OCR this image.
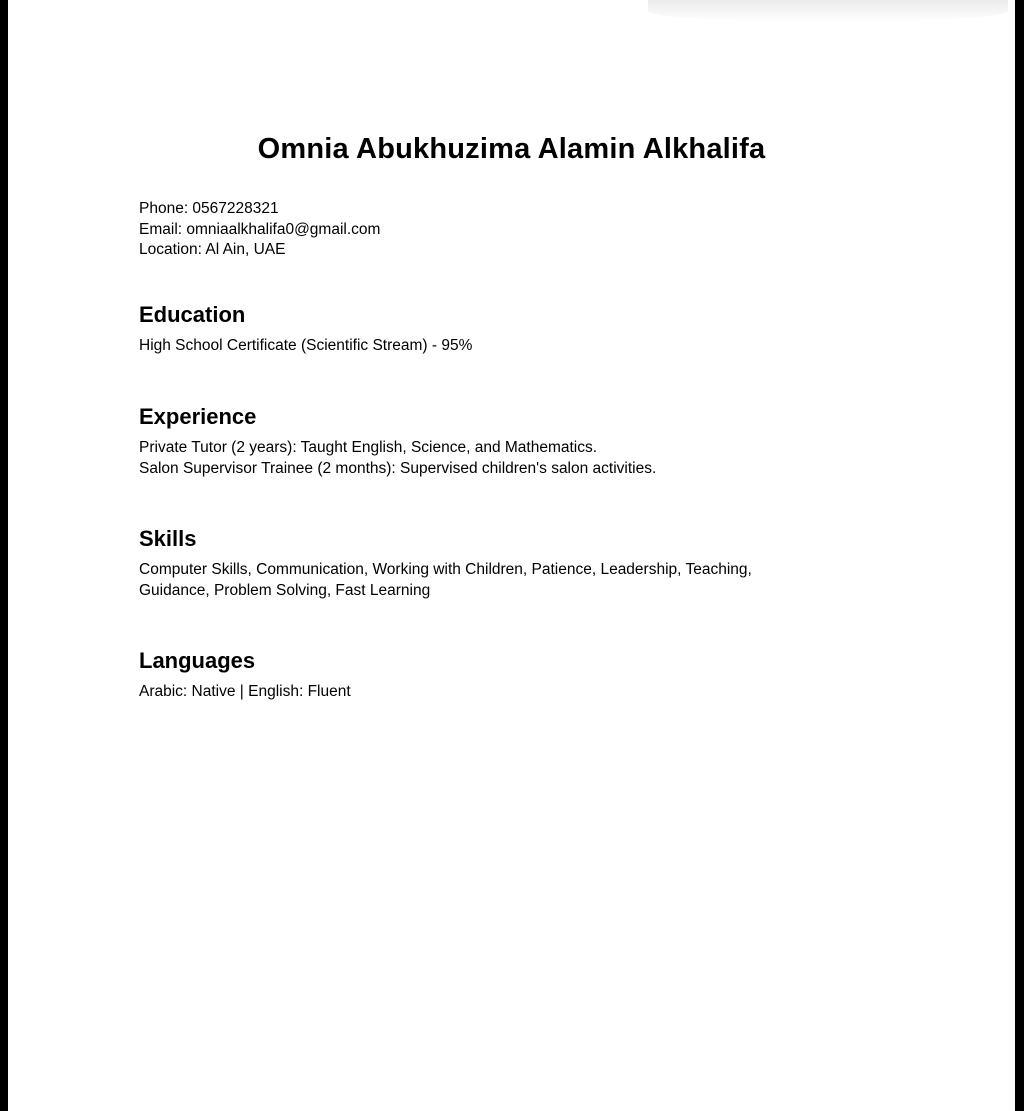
Omnia Abukhuzima Alamin Alkhalifa
Phone: 0567228321
Email: omniaalkhalifa0@gmail.com
Location: Al Ain, UAE
Education
High School Certificate (Scientific Stream) - 95%
Experience
Private Tutor (2 years): Taught English, Science, and Mathematics.
Salon Supervisor Trainee (2 months): Supervised children's salon activities.
Skills
Computer Skills, Communication, Working with Children, Patience, Leadership, Teaching,
Guidance, Problem Solving, Fast Learning
Languages
Arabic: Native | English: Fluent
